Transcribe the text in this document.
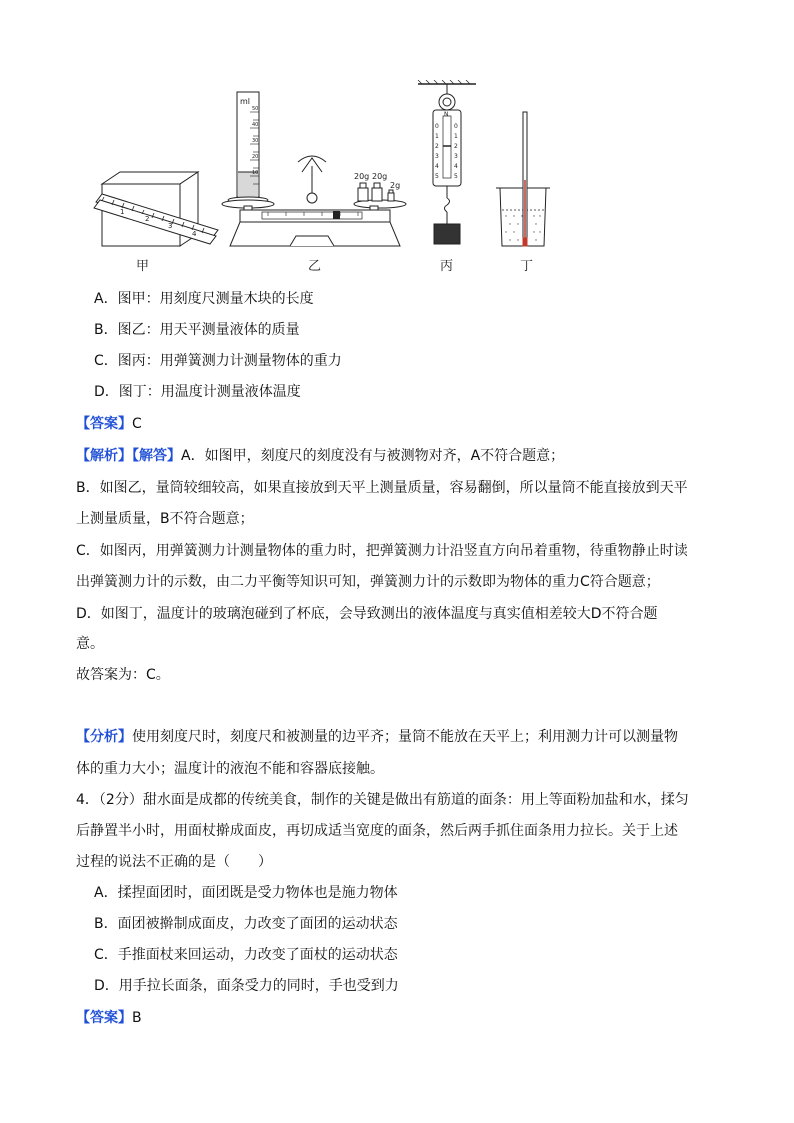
1
2
3
4
ml
50
40
30
20
10	20g 20g
2g
N
0
1
2
3
4
5
0
1
2
3
4
5
甲	乙	丙	丁
A．图甲：用刻度尺测量木块的长度
B．图乙：用天平测量液体的质量
C．图丙：用弹簧测力计测量物体的重力
D．图丁：用温度计测量液体温度
【答案】C
【解析】【解答】A．如图甲，刻度尺的刻度没有与被测物对齐，A不符合题意；
B．如图乙，量筒较细较高，如果直接放到天平上测量质量，容易翻倒，所以量筒不能直接放到天平
上测量质量，B不符合题意；
C．如图丙，用弹簧测力计测量物体的重力时，把弹簧测力计沿竖直方向吊着重物，待重物静止时读
出弹簧测力计的示数，由二力平衡等知识可知，弹簧测力计的示数即为物体的重力C符合题意；
D．如图丁，温度计的玻璃泡碰到了杯底，会导致测出的液体温度与真实值相差较大D不符合题
意。
故答案为：C。
【分析】使用刻度尺时，刻度尺和被测量的边平齐；量筒不能放在天平上；利用测力计可以测量物
体的重力大小；温度计的液泡不能和容器底接触。
4．（2分）甜水面是成都的传统美食，制作的关键是做出有筋道的面条：用上等面粉加盐和水，揉匀
后静置半小时，用面杖擀成面皮，再切成适当宽度的面条，然后两手抓住面条用力拉长。关于上述
过程的说法不正确的是（　　）
A．揉捏面团时，面团既是受力物体也是施力物体
B．面团被擀制成面皮，力改变了面团的运动状态
C．手推面杖来回运动，力改变了面杖的运动状态
D．用手拉长面条，面条受力的同时，手也受到力
【答案】B
